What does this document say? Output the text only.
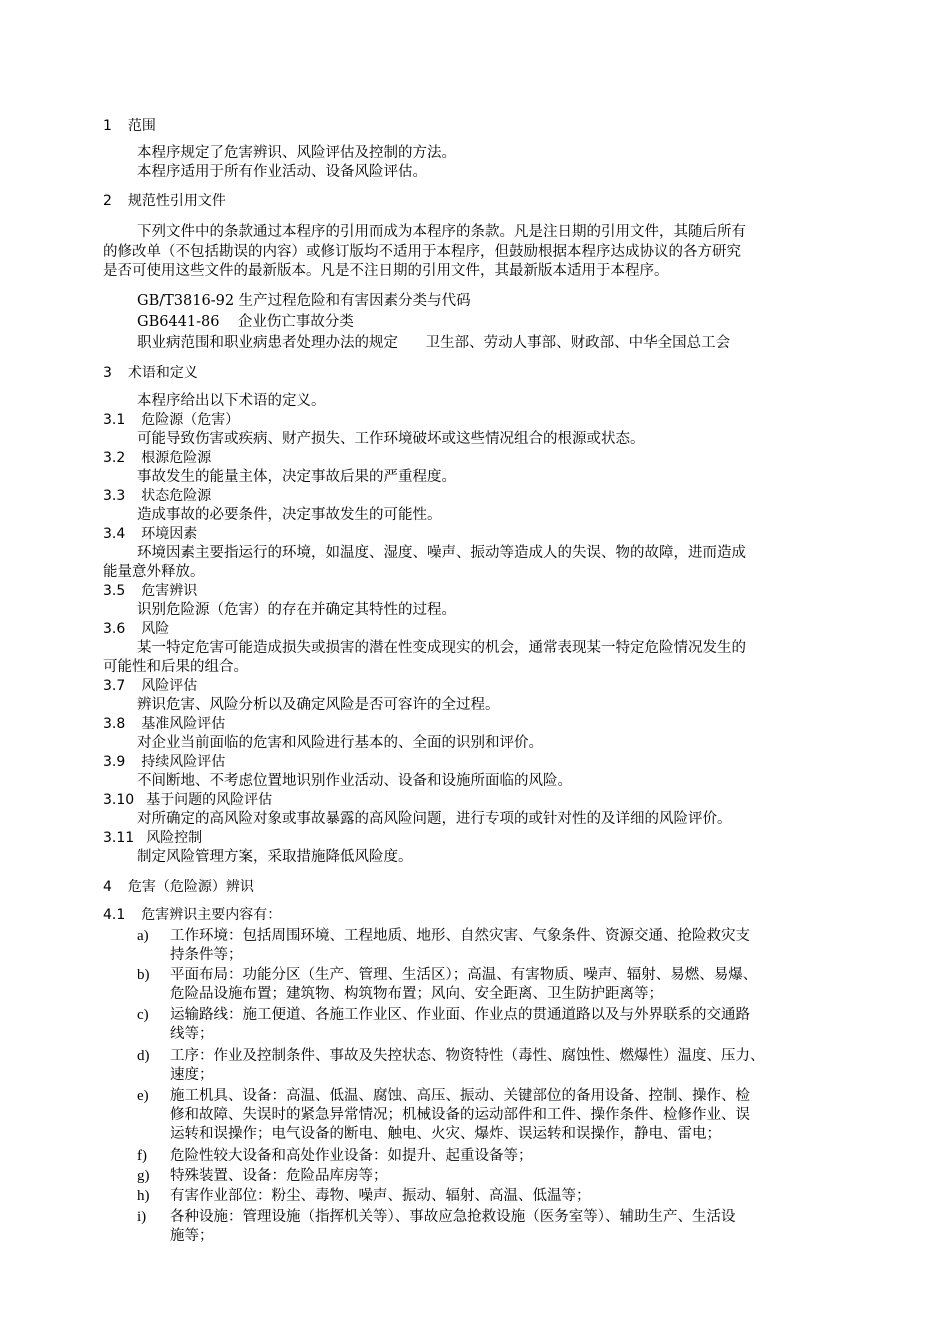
1 范围
本程序规定了危害辨识、风险评估及控制的方法。
本程序适用于所有作业活动、设备风险评估。
2 规范性引用文件
下列文件中的条款通过本程序的引用而成为本程序的条款。凡是注日期的引用文件，其随后所有
的修改单（不包括勘误的内容）或修订版均不适用于本程序，但鼓励根据本程序达成协议的各方研究
是否可使用这些文件的最新版本。凡是不注日期的引用文件，其最新版本适用于本程序。
GB/T3816-92 生产过程危险和有害因素分类与代码
GB6441-86    企业伤亡事故分类
职业病范围和职业病患者处理办法的规定      卫生部、劳动人事部、财政部、中华全国总工会
3 术语和定义
本程序给出以下术语的定义。
3.1 危险源（危害）
可能导致伤害或疾病、财产损失、工作环境破坏或这些情况组合的根源或状态。
3.2 根源危险源
事故发生的能量主体，决定事故后果的严重程度。
3.3 状态危险源
造成事故的必要条件，决定事故发生的可能性。
3.4 环境因素
环境因素主要指运行的环境，如温度、湿度、噪声、振动等造成人的失误、物的故障，进而造成
能量意外释放。
3.5 危害辨识
识别危险源（危害）的存在并确定其特性的过程。
3.6 风险
某一特定危害可能造成损失或损害的潜在性变成现实的机会，通常表现某一特定危险情况发生的
可能性和后果的组合。
3.7 风险评估
辨识危害、风险分析以及确定风险是否可容许的全过程。
3.8 基准风险评估
对企业当前面临的危害和风险进行基本的、全面的识别和评价。
3.9 持续风险评估
不间断地、不考虑位置地识别作业活动、设备和设施所面临的风险。
3.10 基于问题的风险评估
对所确定的高风险对象或事故暴露的高风险问题，进行专项的或针对性的及详细的风险评价。
3.11 风险控制
制定风险管理方案，采取措施降低风险度。
4 危害（危险源）辨识
4.1 危害辨识主要内容有：
a) 工作环境：包括周围环境、工程地质、地形、自然灾害、气象条件、资源交通、抢险救灾支
持条件等；
b) 平面布局：功能分区（生产、管理、生活区）；高温、有害物质、噪声、辐射、易燃、易爆、
危险品设施布置；建筑物、构筑物布置；风向、安全距离、卫生防护距离等；
c) 运输路线：施工便道、各施工作业区、作业面、作业点的贯通道路以及与外界联系的交通路
线等；
d) 工序：作业及控制条件、事故及失控状态、物资特性（毒性、腐蚀性、燃爆性）温度、压力、
速度；
e) 施工机具、设备：高温、低温、腐蚀、高压、振动、关键部位的备用设备、控制、操作、检
修和故障、失误时的紧急异常情况；机械设备的运动部件和工件、操作条件、检修作业、误
运转和误操作；电气设备的断电、触电、火灾、爆炸、误运转和误操作，静电、雷电；
f) 危险性较大设备和高处作业设备：如提升、起重设备等；
g) 特殊装置、设备：危险品库房等；
h) 有害作业部位：粉尘、毒物、噪声、振动、辐射、高温、低温等；
i) 各种设施：管理设施（指挥机关等）、事故应急抢救设施（医务室等）、辅助生产、生活设
施等；
